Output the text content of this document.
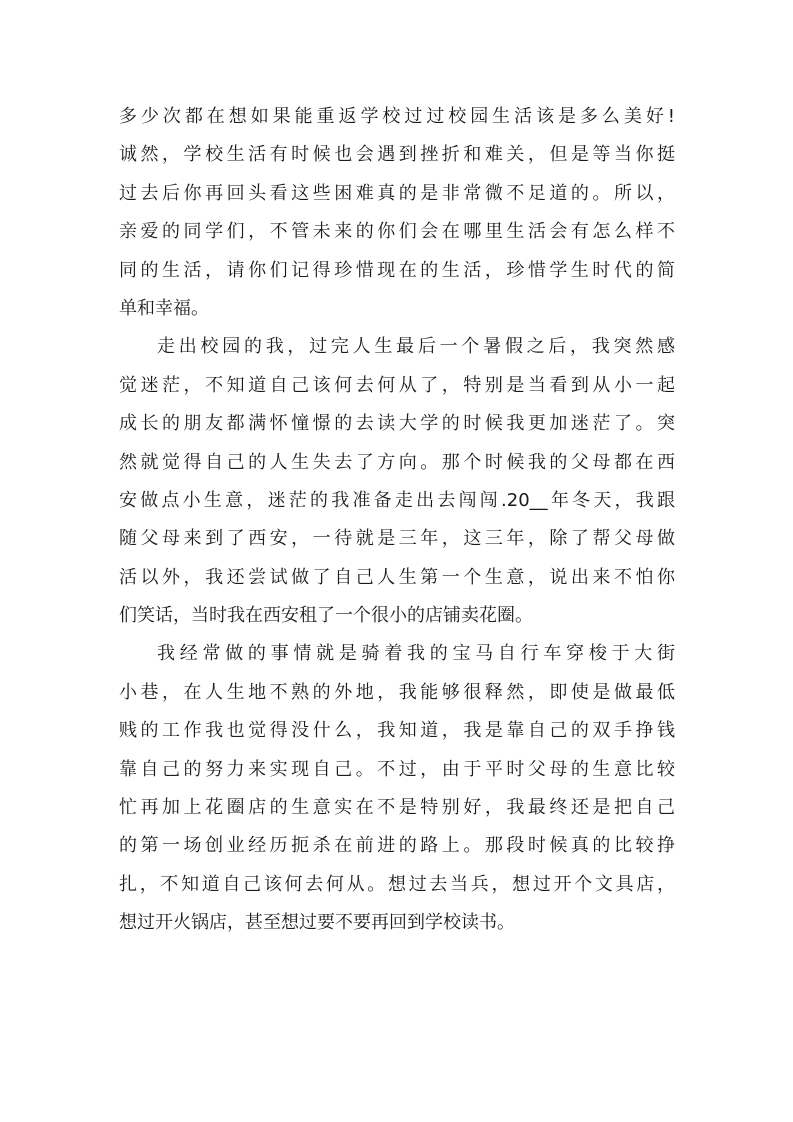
多少次都在想如果能重返学校过过校园生活该是多么美好!
诚然，学校生活有时候也会遇到挫折和难关，但是等当你挺
过去后你再回头看这些困难真的是非常微不足道的。所以，
亲爱的同学们，不管未来的你们会在哪里生活会有怎么样不
同的生活，请你们记得珍惜现在的生活，珍惜学生时代的简
单和幸福。
走出校园的我，过完人生最后一个暑假之后，我突然感
觉迷茫，不知道自己该何去何从了，特别是当看到从小一起
成长的朋友都满怀憧憬的去读大学的时候我更加迷茫了。突
然就觉得自己的人生失去了方向。那个时候我的父母都在西
安做点小生意，迷茫的我准备走出去闯闯.20__年冬天，我跟
随父母来到了西安，一待就是三年，这三年，除了帮父母做
活以外，我还尝试做了自己人生第一个生意，说出来不怕你
们笑话，当时我在西安租了一个很小的店铺卖花圈。
我经常做的事情就是骑着我的宝马自行车穿梭于大街
小巷，在人生地不熟的外地，我能够很释然，即使是做最低
贱的工作我也觉得没什么，我知道，我是靠自己的双手挣钱
靠自己的努力来实现自己。不过，由于平时父母的生意比较
忙再加上花圈店的生意实在不是特别好，我最终还是把自己
的第一场创业经历扼杀在前进的路上。那段时候真的比较挣
扎，不知道自己该何去何从。想过去当兵，想过开个文具店，
想过开火锅店，甚至想过要不要再回到学校读书。
